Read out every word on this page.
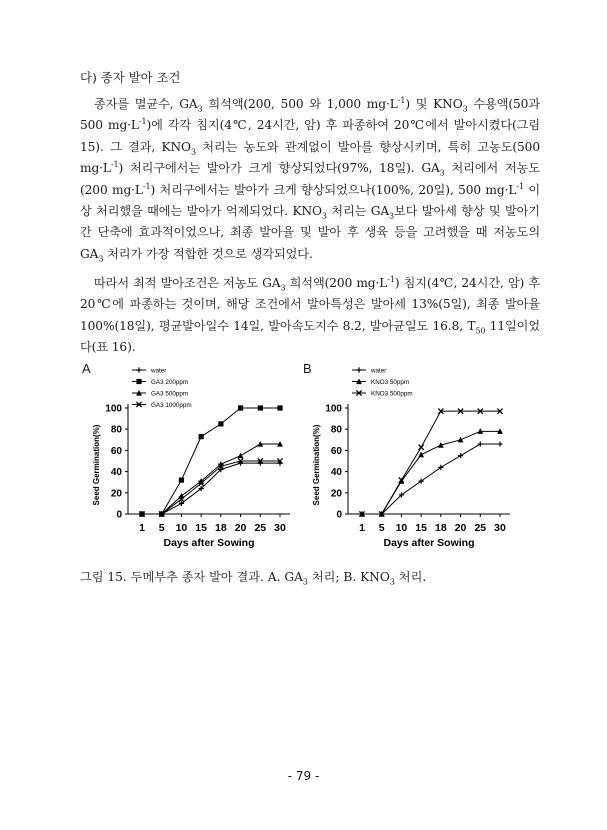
다) 종자 발아 조건
종자를 멸균수, $GA_3$ 희석액(200, 500 와 1,000 $mg\cdot L^{-1}$) 및 $KNO_3$ 수용액(50과 500 $mg\cdot L^{-1}$)에 각각 침지(4℃, 24시간, 암) 후 파종하여 20℃에서 발아시켰다(그림 15). 그 결과, $KNO_3$ 처리는 농도와 관계없이 발아를 향상시키며, 특히 고농도(500 $mg\cdot L^{-1}$) 처리구에서는 발아가 크게 향상되었다(97%, 18일). $GA_3$ 처리에서 저농도(200 $mg\cdot L^{-1}$) 처리구에서는 발아가 크게 향상되었으나(100%, 20일), 500 $mg\cdot L^{-1}$ 이상 처리했을 때에는 발아가 억제되었다. $KNO_3$ 처리는 $GA_3$보다 발아세 향상 및 발아기간 단축에 효과적이었으나, 최종 발아율 및 발아 후 생육 등을 고려했을 때 저농도의 $GA_3$ 처리가 가장 적합한 것으로 생각되었다.
따라서 최적 발아조건은 저농도 $GA_3$ 희석액(200 $mg\cdot L^{-1}$) 침지(4℃, 24시간, 암) 후 20℃에 파종하는 것이며, 해당 조건에서 발아특성은 발아세 13%(5일), 최종 발아율 100%(18일), 평균발아일수 14일, 발아속도지수 8.2, 발아균일도 16.8, $T_{50}$ 11일이었다(표 16).
A	B
0
20
40
60
80
100
1 5 10 15 18 20 25 30
Days after Sowing
Seed Germination(%)
water
GA3 200ppm
GA3 500ppm
GA3 1000ppm
0
20
40
60
80
100
1 5 10 15 18 20 25 30
Days after Sowing
Seed Germination(%)
water
KNO3 50ppm
KNO3 500ppm
그림 15. 두메부추 종자 발아 결과. A. $GA_3$ 처리; B. $KNO_3$ 처리.
- 79 -
